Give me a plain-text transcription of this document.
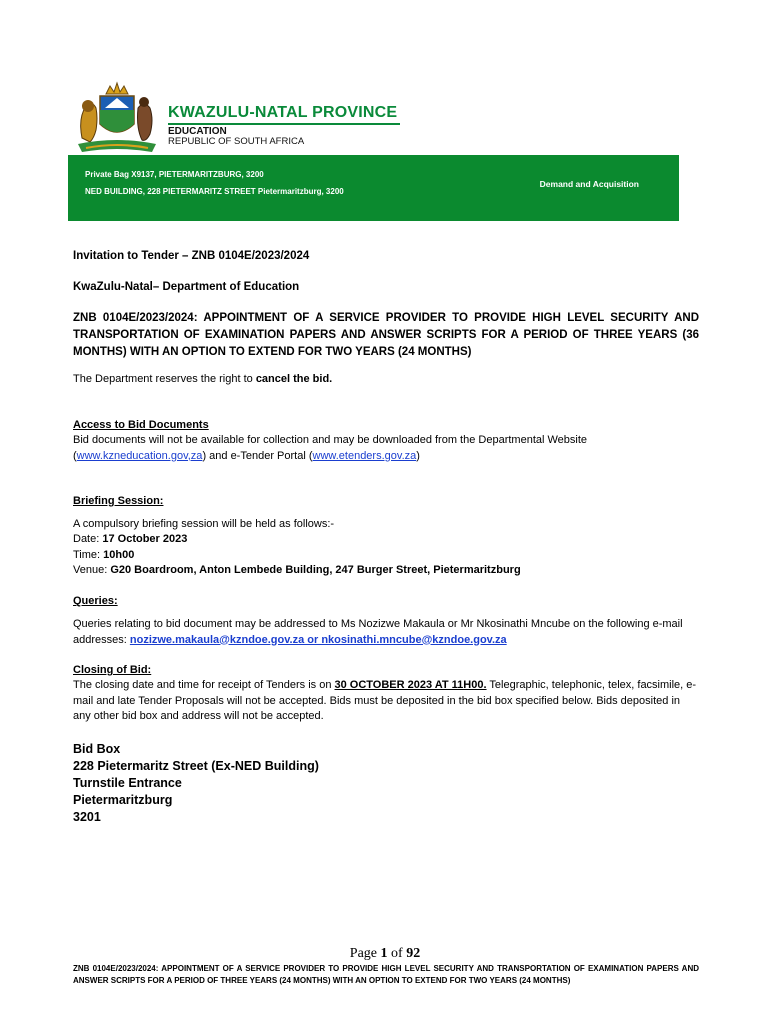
KWAZULU-NATAL PROVINCE
EDUCATION
REPUBLIC OF SOUTH AFRICA
Private Bag X9137, PIETERMARITZBURG, 3200
NED BUILDING, 228 PIETERMARITZ STREET Pietermaritzburg, 3200
Demand and Acquisition
Invitation to Tender – ZNB 0104E/2023/2024
KwaZulu-Natal– Department of Education
ZNB 0104E/2023/2024: APPOINTMENT OF A SERVICE PROVIDER TO PROVIDE HIGH LEVEL SECURITY AND TRANSPORTATION OF EXAMINATION PAPERS AND ANSWER SCRIPTS FOR A PERIOD OF THREE YEARS (36 MONTHS) WITH AN OPTION TO EXTEND FOR TWO YEARS (24 MONTHS)
The Department reserves the right to cancel the bid.
Access to Bid Documents
Bid documents will not be available for collection and may be downloaded from the Departmental Website (www.kzneducation.gov,za) and e-Tender Portal (www.etenders.gov.za)
Briefing Session:
A compulsory briefing session will be held as follows:-
Date: 17 October 2023
Time: 10h00
Venue: G20 Boardroom, Anton Lembede Building, 247 Burger Street, Pietermaritzburg
Queries:
Queries relating to bid document may be addressed to Ms Nozizwe Makaula or Mr Nkosinathi Mncube on the following e-mail addresses: nozizwe.makaula@kzndoe.gov.za or nkosinathi.mncube@kzndoe.gov.za
Closing of Bid:
The closing date and time for receipt of Tenders is on 30 OCTOBER 2023 AT 11H00. Telegraphic, telephonic, telex, facsimile, e-mail and late Tender Proposals will not be accepted. Bids must be deposited in the bid box specified below. Bids deposited in any other bid box and address will not be accepted.
Bid Box
228 Pietermaritz Street (Ex-NED Building)
Turnstile Entrance
Pietermaritzburg
3201
Page 1 of 92
ZNB 0104E/2023/2024: APPOINTMENT OF A SERVICE PROVIDER TO PROVIDE HIGH LEVEL SECURITY AND TRANSPORTATION OF EXAMINATION PAPERS AND ANSWER SCRIPTS FOR A PERIOD OF THREE YEARS (24 MONTHS) WITH AN OPTION TO EXTEND FOR TWO YEARS (24 MONTHS)
